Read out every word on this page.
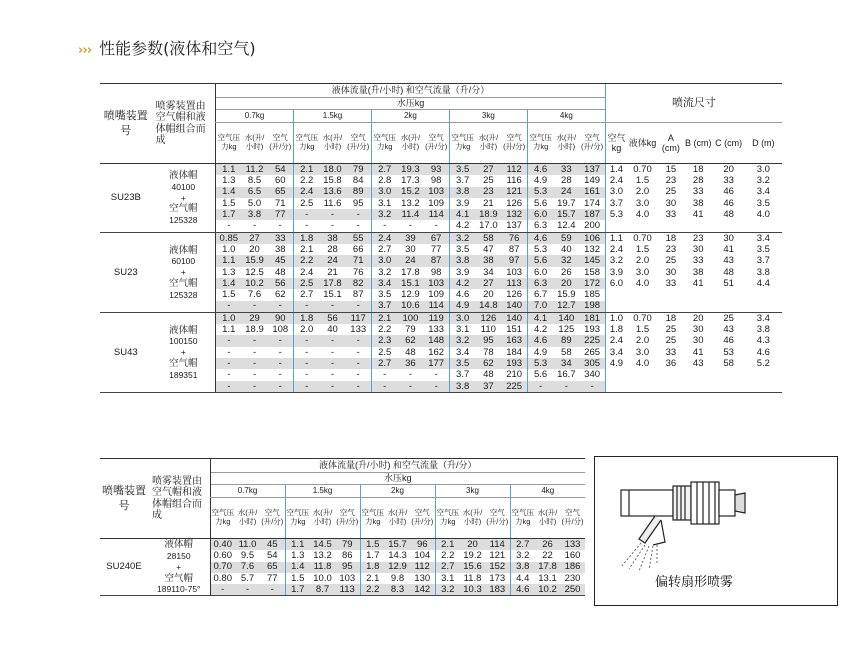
››› 性能参数(液体和空气)
喷嘴装置号	喷雾装置由空气帽和液体帽组合而成	液体流量(升/小时) 和空气流量（升/分）															喷流尺寸					
		水压kg																				
		0.7kg			1.5kg			2kg			3kg			4kg								
		空气压力kg	水(升/小时)	空气(升/分)	空气压力kg	水(升/小时)	空气(升/分)	空气压力kg	水(升/小时)	空气(升/分)	空气压力kg	水(升/小时)	空气(升/分)	空气压力kg	水(升/小时)	空气(升/分)	空气kg	液体kg	A (cm)	B (cm)	C (cm)	D (m)
SU23B	液体帽
40100
+
空气帽
125328	1.1	11.2	54	2.1	18.0	79	2.7	19.3	93	3.5	27	112	4.6	33	137	1.4	0.70	15	18	20	3.0
		1.3	8.5	60	2.2	15.8	84	2.8	17.3	98	3.7	25	116	4.9	28	149	2.4	1.5	23	28	33	3.2
		1.4	6.5	65	2.4	13.6	89	3.0	15.2	103	3.8	23	121	5.3	24	161	3.0	2.0	25	33	46	3.4
		1.5	5.0	71	2.5	11.6	95	3.1	13.2	109	3.9	21	126	5.6	19.7	174	3.7	3.0	30	38	46	3.5
		1.7	3.8	77	-	-	-	3.2	11.4	114	4.1	18.9	132	6.0	15.7	187	5.3	4.0	33	41	48	4.0
		-	-	-	-	-	-	-	-	-	4.2	17.0	137	6.3	12.4	200						
SU23	液体帽
60100
+
空气帽
125328	0.85	27	33	1.8	38	55	2.4	39	67	3.2	58	76	4.6	59	106	1.1	0.70	18	23	30	3.4
		1.0	20	38	2.1	28	66	2.7	30	77	3.5	47	87	5.3	40	132	2.4	1.5	23	30	41	3.5
		1.1	15.9	45	2.2	24	71	3.0	24	87	3.8	38	97	5.6	32	145	3.2	2.0	25	33	43	3.7
		1.3	12.5	48	2.4	21	76	3.2	17.8	98	3.9	34	103	6.0	26	158	3.9	3.0	30	38	48	3.8
		1.4	10.2	56	2.5	17.8	82	3.4	15.1	103	4.2	27	113	6.3	20	172	6.0	4.0	33	41	51	4.4
		1.5	7.6	62	2.7	15.1	87	3.5	12.9	109	4.6	20	126	6.7	15.9	185						
		-	-	-	-	-	-	3.7	10.6	114	4.9	14.8	140	7.0	12.7	198						
SU43	液体帽
100150
+
空气帽
189351	1.0	29	90	1.8	56	117	2.1	100	119	3.0	126	140	4.1	140	181	1.0	0.70	18	20	25	3.4
		1.1	18.9	108	2.0	40	133	2.2	79	133	3.1	110	151	4.2	125	193	1.8	1.5	25	30	43	3.8
		-	-	-	-	-	-	2.3	62	148	3.2	95	163	4.6	89	225	2.4	2.0	25	30	46	4.3
		-	-	-	-	-	-	2.5	48	162	3.4	78	184	4.9	58	265	3.4	3.0	33	41	53	4.6
		-	-	-	-	-	-	2.7	36	177	3.5	62	193	5.3	34	305	4.9	4.0	36	43	58	5.2
		-	-	-	-	-	-	-	-	-	3.7	48	210	5.6	16.7	340						
		-	-	-	-	-	-	-	-	-	3.8	37	225	-	-	-						
喷嘴装置号	喷雾装置由空气帽和液体帽组合而成	液体流量(升/小时) 和空气流量（升/分）														
		水压kg														
		0.7kg			1.5kg			2kg			3kg			4kg		
		空气压力kg	水(升/小时)	空气(升/分)	空气压力kg	水(升/小时)	空气(升/分)	空气压力kg	水(升/小时)	空气(升/分)	空气压力kg	水(升/小时)	空气(升/分)	空气压力kg	水(升/小时)	空气(升/分)
SU240E	液体帽
28150
+
空气帽
189110-75°	0.40	11.0	45	1.1	14.5	79	1.5	15.7	96	2.1	20	114	2.7	26	133
		0.60	9.5	54	1.3	13.2	86	1.7	14.3	104	2.2	19.2	121	3.2	22	160
		0.70	7.6	65	1.4	11.8	95	1.8	12.9	112	2.7	15.6	152	3.8	17.8	186
		0.80	5.7	77	1.5	10.0	103	2.1	9.8	130	3.1	11.8	173	4.4	13.1	230
		-	-	-	1.7	8.7	113	2.2	8.3	142	3.2	10.3	183	4.6	10.2	250	偏转扇形喷雾
